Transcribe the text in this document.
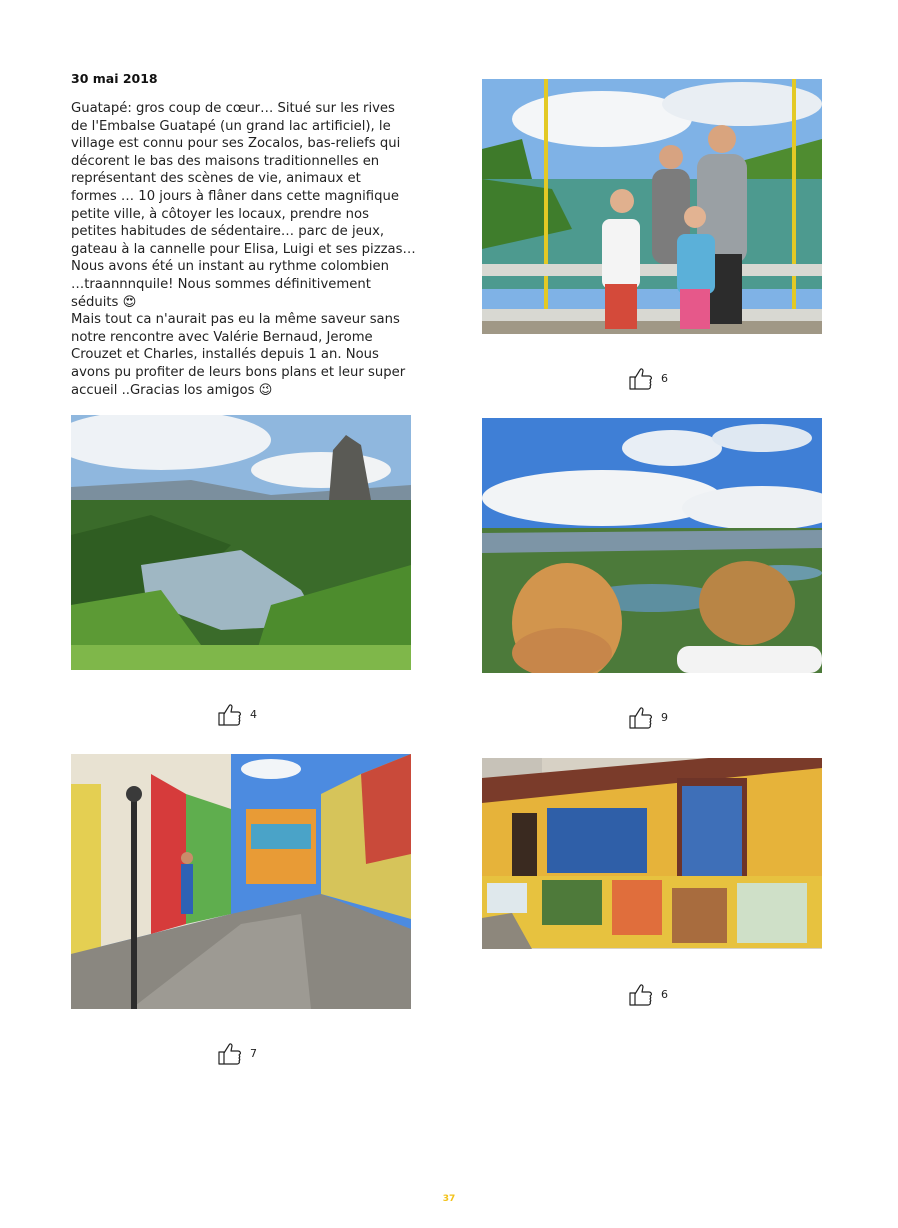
30 mai 2018

Guatapé: gros coup de cœur… Situé sur les rives

de l'Embalse Guatapé (un grand lac artificiel), le

village est connu pour ses Zocalos, bas-reliefs qui

décorent le bas des maisons traditionnelles en

représentant des scènes de vie, animaux et

formes … 10 jours à flâner dans cette magnifique

petite ville, à côtoyer les locaux, prendre nos

petites habitudes de sédentaire… parc de jeux,

gateau à la cannelle pour Elisa, Luigi et ses pizzas…

Nous avons été un instant au rythme colombien

…traannnquile! Nous sommes définitivement

séduits 😍

Mais tout ca n'aurait pas eu la même saveur sans

notre rencontre avec Valérie Bernaud, Jerome

Crouzet et Charles, installés depuis 1 an. Nous

avons pu profiter de leurs bons plans et leur super

accueil ..Gracias los amigos 😉

6
4	9
7
6
37
